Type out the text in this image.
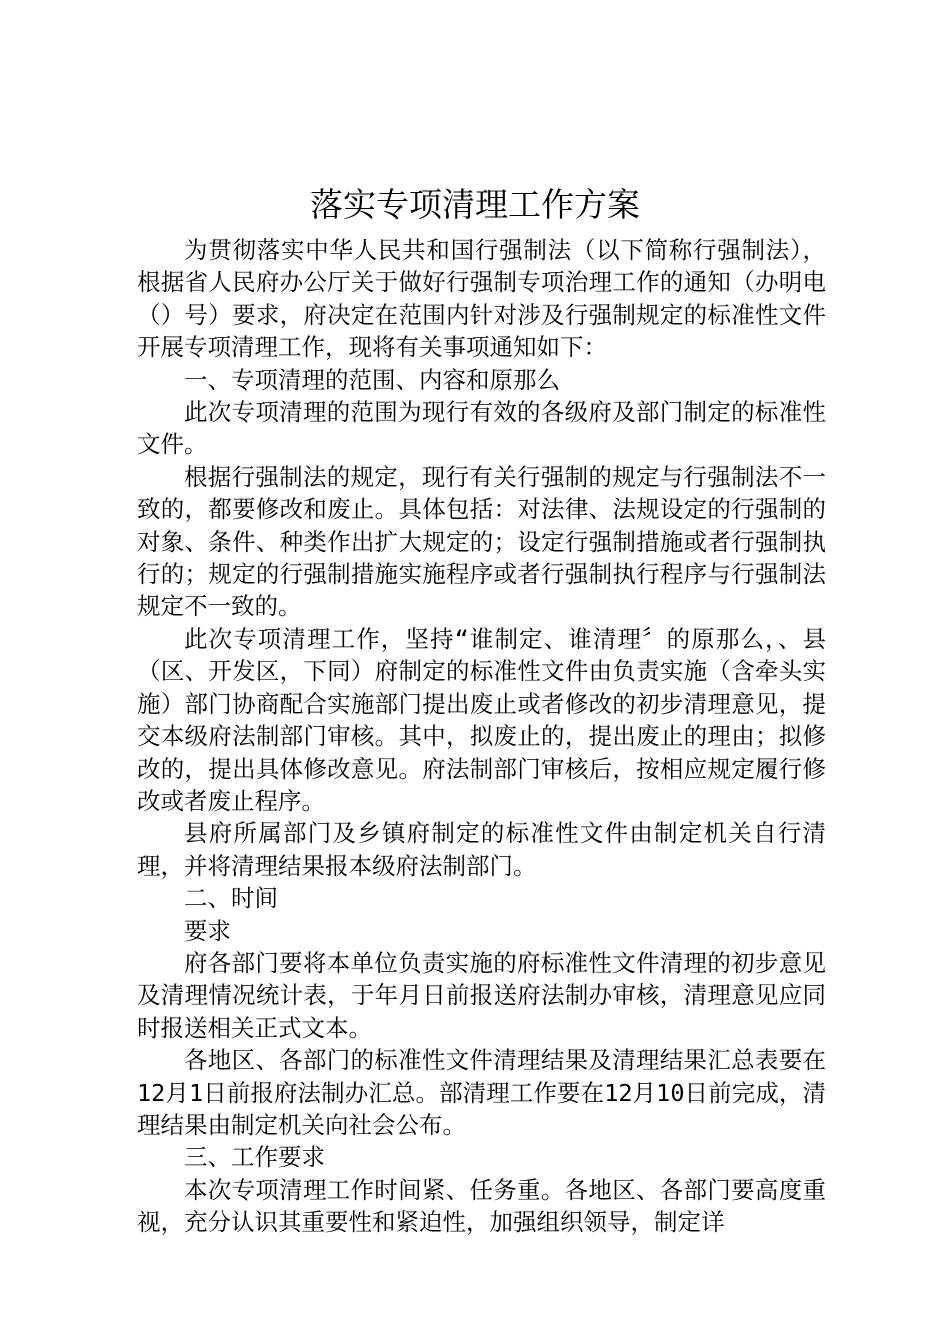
落实专项清理工作方案

为贯彻落实中华人民共和国行强制法（以下简称行强制法），根据省人民府办公厅关于做好行强制专项治理工作的通知（办明电（）号）要求，府决定在范围内针对涉及行强制规定的标准性文件开展专项清理工作，现将有关事项通知如下：

一、专项清理的范围、内容和原那么

此次专项清理的范围为现行有效的各级府及部门制定的标准性文件。

根据行强制法的规定，现行有关行强制的规定与行强制法不一致的，都要修改和废止。具体包括：对法律、法规设定的行强制的对象、条件、种类作出扩大规定的；设定行强制措施或者行强制执行的；规定的行强制措施实施程序或者行强制执行程序与行强制法规定不一致的。

此次专项清理工作，坚持“谁制定、谁清理〞的原那么，、县（区、开发区，下同）府制定的标准性文件由负责实施（含牵头实施）部门协商配合实施部门提出废止或者修改的初步清理意见，提交本级府法制部门审核。其中，拟废止的，提出废止的理由；拟修改的，提出具体修改意见。府法制部门审核后，按相应规定履行修改或者废止程序。

县府所属部门及乡镇府制定的标准性文件由制定机关自行清理，并将清理结果报本级府法制部门。

二、时间

要求

府各部门要将本单位负责实施的府标准性文件清理的初步意见及清理情况统计表，于年月日前报送府法制办审核，清理意见应同时报送相关正式文本。

各地区、各部门的标准性文件清理结果及清理结果汇总表要在12月1日前报府法制办汇总。部清理工作要在12月10日前完成，清理结果由制定机关向社会公布。

三、工作要求

本次专项清理工作时间紧、任务重。各地区、各部门要高度重视，充分认识其重要性和紧迫性，加强组织领导，制定详
